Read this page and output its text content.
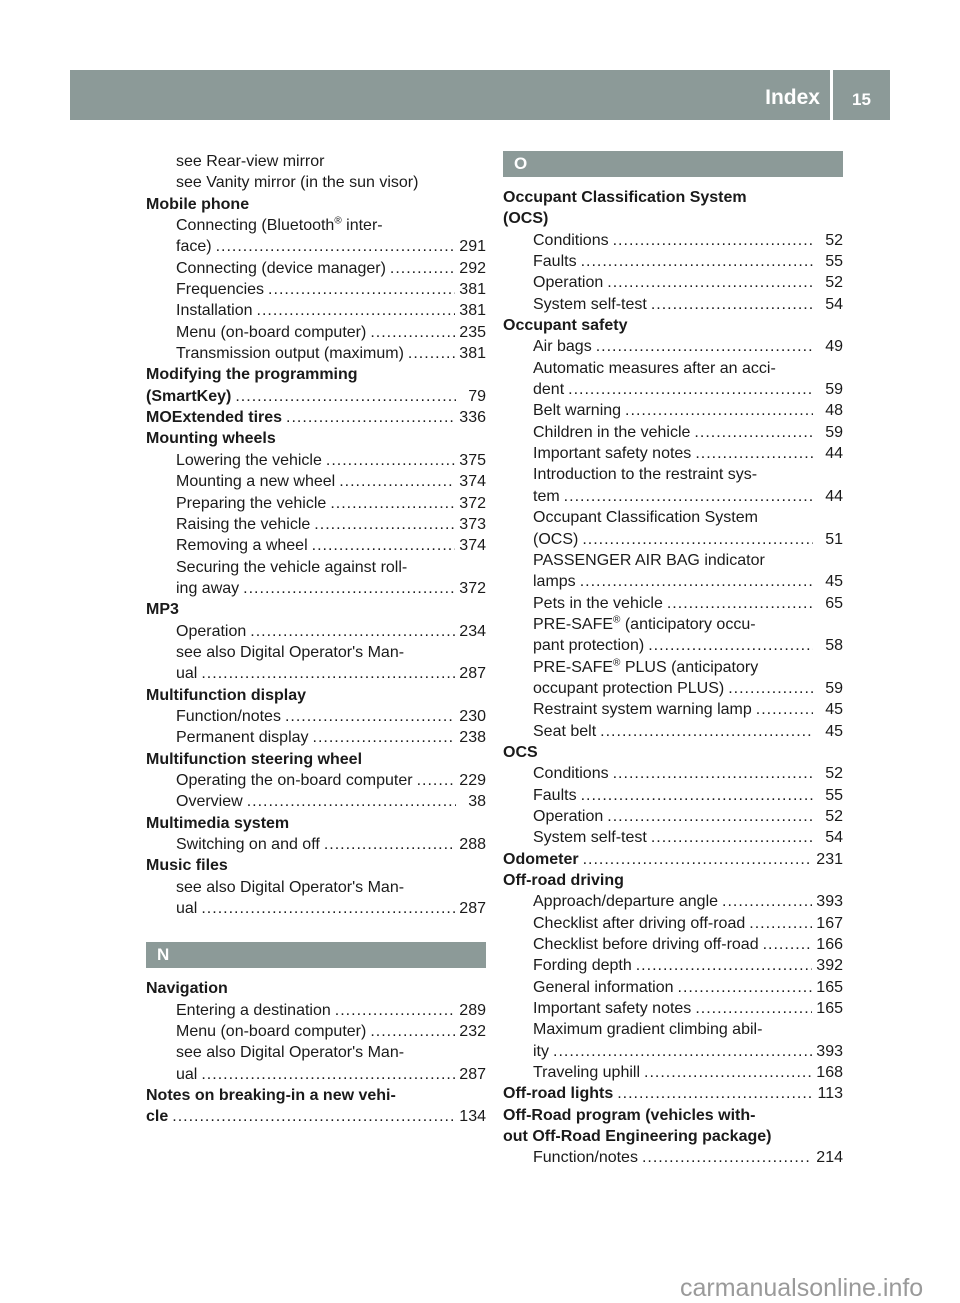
Index	15
see Rear-view mirror
see Vanity mirror (in the sun visor)
Mobile phone
Connecting (Bluetooth® inter-
face) .....	291
Connecting (device manager) .....	292
Frequencies .....	381
Installation .....	381
Menu (on-board computer) .....	235
Transmission output (maximum) .....	381
Modifying the programming
(SmartKey) .....	79
MOExtended tires .....	336
Mounting wheels
Lowering the vehicle .....	375
Mounting a new wheel .....	374
Preparing the vehicle .....	372
Raising the vehicle .....	373
Removing a wheel .....	374
Securing the vehicle against roll-
ing away .....	372
MP3
Operation .....	234
see also Digital Operator's Man-
ual .....	287
Multifunction display
Function/notes .....	230
Permanent display .....	238
Multifunction steering wheel
Operating the on-board computer .....	229
Overview .....	38
Multimedia system
Switching on and off .....	288
Music files
see also Digital Operator's Man-
ual .....	287
N
Navigation
Entering a destination .....	289
Menu (on-board computer) .....	232
see also Digital Operator's Man-
ual .....	287
Notes on breaking-in a new vehi-
cle .....	134
O
Occupant Classification System
(OCS)
Conditions .....	52
Faults .....	55
Operation .....	52
System self-test .....	54
Occupant safety
Air bags .....	49
Automatic measures after an acci-
dent .....	59
Belt warning .....	48
Children in the vehicle .....	59
Important safety notes .....	44
Introduction to the restraint sys-
tem .....	44
Occupant Classification System
(OCS) .....	51
PASSENGER AIR BAG indicator
lamps .....	45
Pets in the vehicle .....	65
PRE-SAFE® (anticipatory occu-
pant protection) .....	58
PRE-SAFE® PLUS (anticipatory
occupant protection PLUS) .....	59
Restraint system warning lamp .....	45
Seat belt .....	45
OCS
Conditions .....	52
Faults .....	55
Operation .....	52
System self-test .....	54
Odometer .....	231
Off-road driving
Approach/departure angle .....	393
Checklist after driving off-road .....	167
Checklist before driving off-road .....	166
Fording depth .....	392
General information .....	165
Important safety notes .....	165
Maximum gradient climbing abil-
ity .....	393
Traveling uphill .....	168
Off-road lights .....	113
Off-Road program (vehicles with-
out Off-Road Engineering package)
Function/notes .....	214
carmanualsonline.info
